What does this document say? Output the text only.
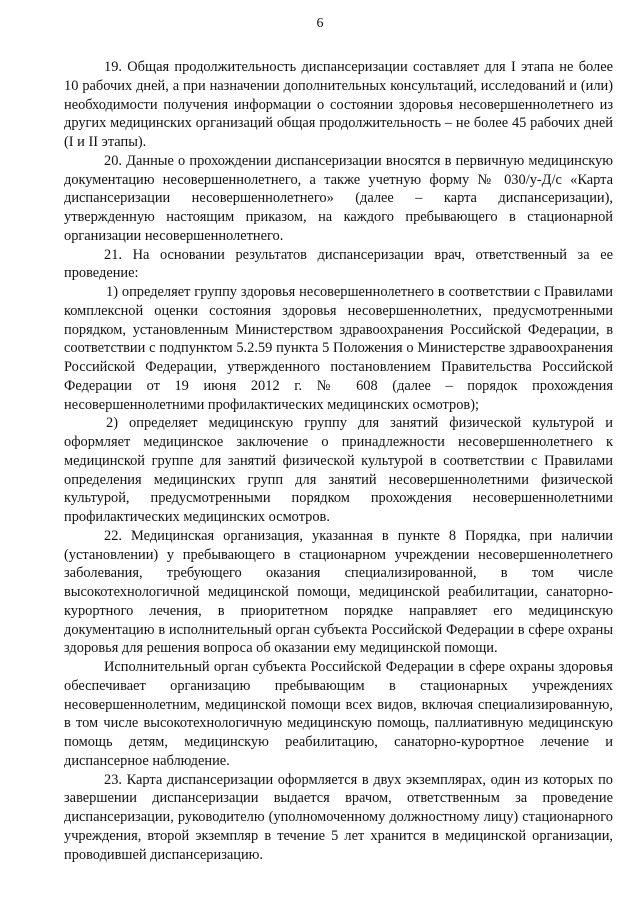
6

19. Общая продолжительность диспансеризации составляет для I этапа не более 10 рабочих дней, а при назначении дополнительных консультаций, исследований и (или) необходимости получения информации о состоянии здоровья несовершеннолетнего из других медицинских организаций общая продолжительность – не более 45 рабочих дней (I и II этапы).

20. Данные о прохождении диспансеризации вносятся в первичную медицинскую документацию несовершеннолетнего, а также учетную форму № 030/у-Д/с «Карта диспансеризации несовершеннолетнего» (далее – карта диспансеризации), утвержденную настоящим приказом, на каждого пребывающего в стационарной организации несовершеннолетнего.

21. На основании результатов диспансеризации врач, ответственный за ее проведение:

1) определяет группу здоровья несовершеннолетнего в соответствии с Правилами комплексной оценки состояния здоровья несовершеннолетних, предусмотренными порядком, установленным Министерством здравоохранения Российской Федерации, в соответствии с подпунктом 5.2.59 пункта 5 Положения о Министерстве здравоохранения Российской Федерации, утвержденного постановлением Правительства Российской Федерации от 19 июня 2012 г. № 608 (далее – порядок прохождения несовершеннолетними профилактических медицинских осмотров);

2) определяет медицинскую группу для занятий физической культурой и оформляет медицинское заключение о принадлежности несовершеннолетнего к медицинской группе для занятий физической культурой в соответствии с Правилами определения медицинских групп для занятий несовершеннолетними физической культурой, предусмотренными порядком прохождения несовершеннолетними профилактических медицинских осмотров.

22. Медицинская организация, указанная в пункте 8 Порядка, при наличии (установлении) у пребывающего в стационарном учреждении несовершеннолетнего заболевания, требующего оказания специализированной, в том числе высокотехнологичной медицинской помощи, медицинской реабилитации, санаторно-курортного лечения, в приоритетном порядке направляет его медицинскую документацию в исполнительный орган субъекта Российской Федерации в сфере охраны здоровья для решения вопроса об оказании ему медицинской помощи.

Исполнительный орган субъекта Российской Федерации в сфере охраны здоровья обеспечивает организацию пребывающим в стационарных учреждениях несовершеннолетним, медицинской помощи всех видов, включая специализированную, в том числе высокотехнологичную медицинскую помощь, паллиативную медицинскую помощь детям, медицинскую реабилитацию, санаторно-курортное лечение и диспансерное наблюдение.

23. Карта диспансеризации оформляется в двух экземплярах, один из которых по завершении диспансеризации выдается врачом, ответственным за проведение диспансеризации, руководителю (уполномоченному должностному лицу) стационарного учреждения, второй экземпляр в течение 5 лет хранится в медицинской организации, проводившей диспансеризацию.
